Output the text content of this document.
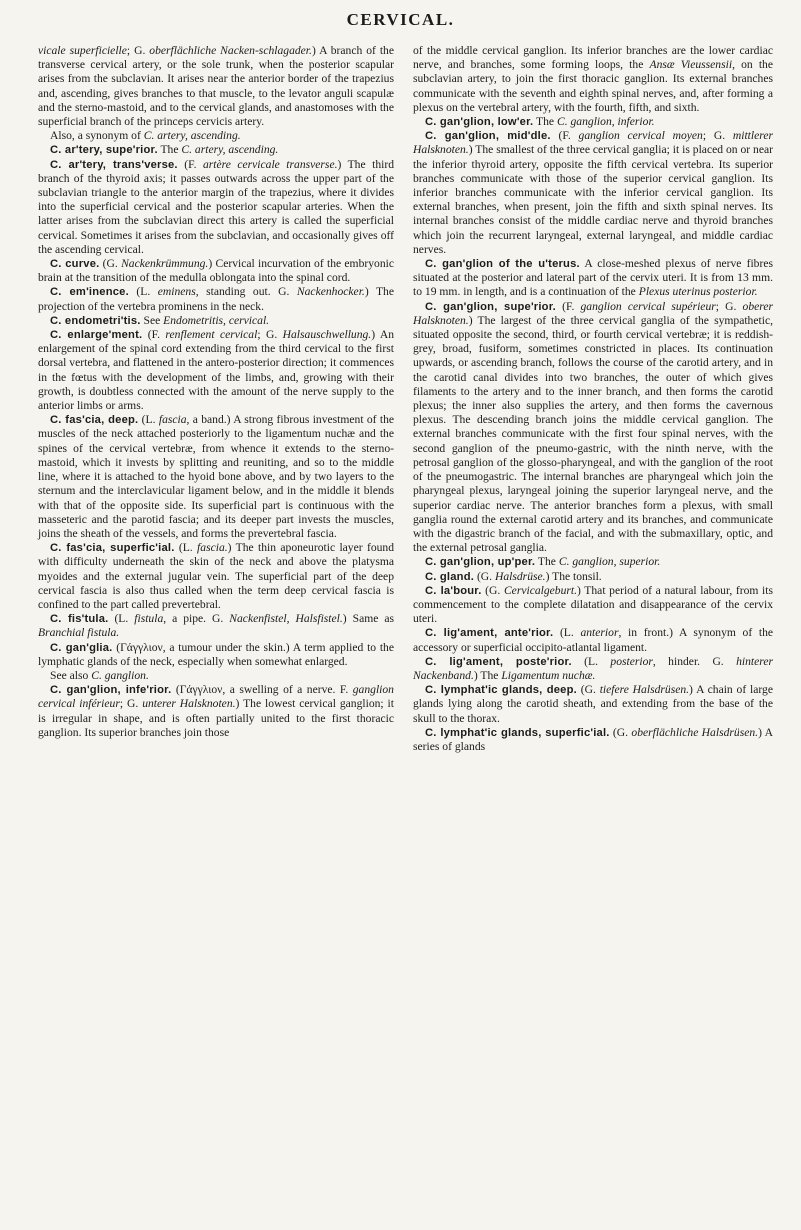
CERVICAL.

vicale superficielle; G. oberflächliche Nacken-schlagader.) A branch of the transverse cervical artery, or the sole trunk, when the posterior scapular arises from the subclavian. It arises near the anterior border of the trapezius and, ascending, gives branches to that muscle, to the levator anguli scapulæ and the sterno-mastoid, and to the cervical glands, and anastomoses with the superficial branch of the princeps cervicis artery.

Also, a synonym of C. artery, ascending.

C. ar'tery, supe'rior. The C. artery, ascending.

C. ar'tery, trans'verse. (F. artère cervicale transverse.) The third branch of the thyroid axis; it passes outwards across the upper part of the subclavian triangle to the anterior margin of the trapezius, where it divides into the superficial cervical and the posterior scapular arteries. When the latter arises from the subclavian direct this artery is called the superficial cervical. Sometimes it arises from the subclavian, and occasionally gives off the ascending cervical.

C. curve. (G. Nackenkrümmung.) Cervical incurvation of the embryonic brain at the transition of the medulla oblongata into the spinal cord.

C. em'inence. (L. eminens, standing out. G. Nackenhocker.) The projection of the vertebra prominens in the neck.

C. endometri'tis. See Endometritis, cervical.

C. enlarge'ment. (F. renflement cervical; G. Halsauschwellung.) An enlargement of the spinal cord extending from the third cervical to the first dorsal vertebra, and flattened in the antero-posterior direction; it commences in the fœtus with the development of the limbs, and, growing with their growth, is doubtless connected with the amount of the nerve supply to the anterior limbs or arms.

C. fas'cia, deep. (L. fascia, a band.) A strong fibrous investment of the muscles of the neck attached posteriorly to the ligamentum nuchæ and the spines of the cervical vertebræ, from whence it extends to the sterno-mastoid, which it invests by splitting and reuniting, and so to the middle line, where it is attached to the hyoid bone above, and by two layers to the sternum and the interclavicular ligament below, and in the middle it blends with that of the opposite side. Its superficial part is continuous with the masseteric and the parotid fascia; and its deeper part invests the muscles, joins the sheath of the vessels, and forms the prevertebral fascia.

C. fas'cia, superfic'ial. (L. fascia.) The thin aponeurotic layer found with difficulty underneath the skin of the neck and above the platysma myoides and the external jugular vein. The superficial part of the deep cervical fascia is also thus called when the term deep cervical fascia is confined to the part called prevertebral.

C. fis'tula. (L. fistula, a pipe. G. Nackenfistel, Halsfistel.) Same as Branchial fistula.

C. gan'glia. (Γάγγλιον, a tumour under the skin.) A term applied to the lymphatic glands of the neck, especially when somewhat enlarged.

See also C. ganglion.

C. gan'glion, infe'rior. (Γάγγλιον, a swelling of a nerve. F. ganglion cervical inférieur; G. unterer Halsknoten.) The lowest cervical ganglion; it is irregular in shape, and is often partially united to the first thoracic ganglion. Its superior branches join those

of the middle cervical ganglion. Its inferior branches are the lower cardiac nerve, and branches, some forming loops, the Ansæ Vieussensii, on the subclavian artery, to join the first thoracic ganglion. Its external branches communicate with the seventh and eighth spinal nerves, and, after forming a plexus on the vertebral artery, with the fourth, fifth, and sixth.

C. gan'glion, low'er. The C. ganglion, inferior.

C. gan'glion, mid'dle. (F. ganglion cervical moyen; G. mittlerer Halsknoten.) The smallest of the three cervical ganglia; it is placed on or near the inferior thyroid artery, opposite the fifth cervical vertebra. Its superior branches communicate with those of the superior cervical ganglion. Its inferior branches communicate with the inferior cervical ganglion. Its external branches, when present, join the fifth and sixth spinal nerves. Its internal branches consist of the middle cardiac nerve and thyroid branches which join the recurrent laryngeal, external laryngeal, and middle cardiac nerves.

C. gan'glion of the u'terus. A close-meshed plexus of nerve fibres situated at the posterior and lateral part of the cervix uteri. It is from 13 mm. to 19 mm. in length, and is a continuation of the Plexus uterinus posterior.

C. gan'glion, supe'rior. (F. ganglion cervical supérieur; G. oberer Halsknoten.) The largest of the three cervical ganglia of the sympathetic, situated opposite the second, third, or fourth cervical vertebræ; it is reddish-grey, broad, fusiform, sometimes constricted in places. Its continuation upwards, or ascending branch, follows the course of the carotid artery, and in the carotid canal divides into two branches, the outer of which gives filaments to the artery and to the inner branch, and then forms the carotid plexus; the inner also supplies the artery, and then forms the cavernous plexus. The descending branch joins the middle cervical ganglion. The external branches communicate with the first four spinal nerves, with the second ganglion of the pneumo-gastric, with the ninth nerve, with the petrosal ganglion of the glosso-pharyngeal, and with the ganglion of the root of the pneumogastric. The internal branches are pharyngeal which join the pharyngeal plexus, laryngeal joining the superior laryngeal nerve, and the superior cardiac nerve. The anterior branches form a plexus, with small ganglia round the external carotid artery and its branches, and communicate with the digastric branch of the facial, and with the submaxillary, optic, and the external petrosal ganglia.

C. gan'glion, up'per. The C. ganglion, superior.

C. gland. (G. Halsdrüse.) The tonsil.

C. la'bour. (G. Cervicalgeburt.) That period of a natural labour, from its commencement to the complete dilatation and disappearance of the cervix uteri.

C. lig'ament, ante'rior. (L. anterior, in front.) A synonym of the accessory or superficial occipito-atlantal ligament.

C. lig'ament, poste'rior. (L. posterior, hinder. G. hinterer Nackenband.) The Ligamentum nuchæ.

C. lymphat'ic glands, deep. (G. tiefere Halsdrüsen.) A chain of large glands lying along the carotid sheath, and extending from the base of the skull to the thorax.

C. lymphat'ic glands, superfic'ial. (G. oberflächliche Halsdrüsen.) A series of glands
